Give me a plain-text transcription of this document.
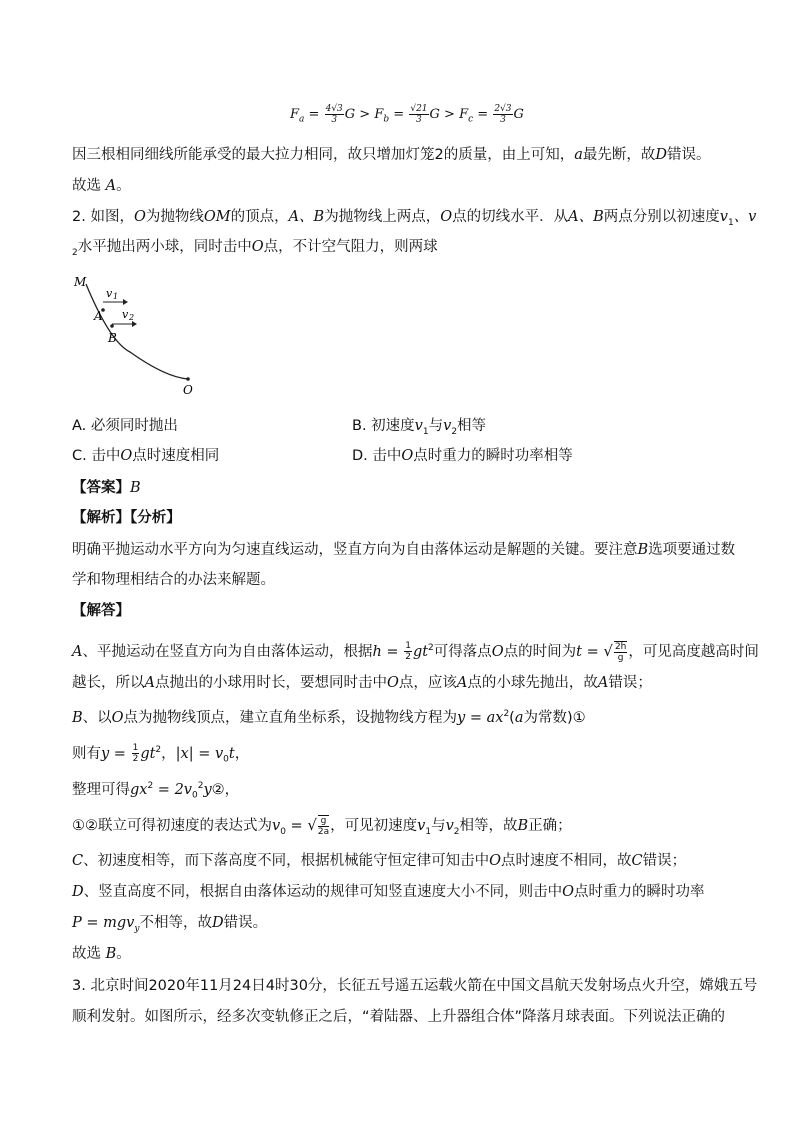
$F_a = \frac{4√3}{3}$ $G > F_b = \frac{√21}{3}$ $G > F_c = \frac{2√3}{3}$ G
因三根相同细线所能承受的最大拉力相同，故只增加灯笼2的质量，由上可知，a最先断，故D错误。
故选 A。
2. 如图，O为抛物线OM的顶点，A、B为抛物线上两点，O点的切线水平．从A、B两点分别以初速度$v_1$、v
$_2$水平抛出两小球，同时击中O点，不计空气阻力，则两球
M
v 1
A v 2
B
O
A. 必须同时抛出	B. 初速度$v_1$与$v_2$相等
C. 击中O点时速度相同	D. 击中O点时重力的瞬时功率相等
【答案】B
【解析】【分析】
明确平抛运动水平方向为匀速直线运动，竖直方向为自由落体运动是解题的关键。要注意B选项要通过数
学和物理相结合的办法来解题。
【解答】
A、平抛运动在竖直方向为自由落体运动，根据$h = \frac{1}{2} gt^2$可得落点O点的时间为t = √ $\frac{2h}{g}$ ，可见高度越高时间
越长，所以A点抛出的小球用时长，要想同时击中O点，应该A点的小球先抛出，故A错误；
B、以O点为抛物线顶点，建立直角坐标系，设抛物线方程为$y = ax^2(a$为常数)①
则有$y = \frac{1}{2} gt^2$，$|x| = v_0t$，
整理可得$gx^2$ = $2v_0^2y②$，
①②联立可得初速度的表达式为$v_0$ = √ $\frac{g}{2a}$ ，可见初速度$v_1$与$v_2$相等，故B正确；
C、初速度相等，而下落高度不同，根据机械能守恒定律可知击中O点时速度不相同，故C错误；
D、竖直高度不同，根据自由落体运动的规律可知竖直速度大小不同，则击中O点时重力的瞬时功率
P = mgv$_y$不相等，故D错误。
故选 B。
3. 北京时间2020年11月24日4时30分，长征五号遥五运载火箭在中国文昌航天发射场点火升空，嫦娥五号
顺利发射。如图所示，经多次变轨修正之后，“着陆器、上升器组合体”降落月球表面。下列说法正确的
